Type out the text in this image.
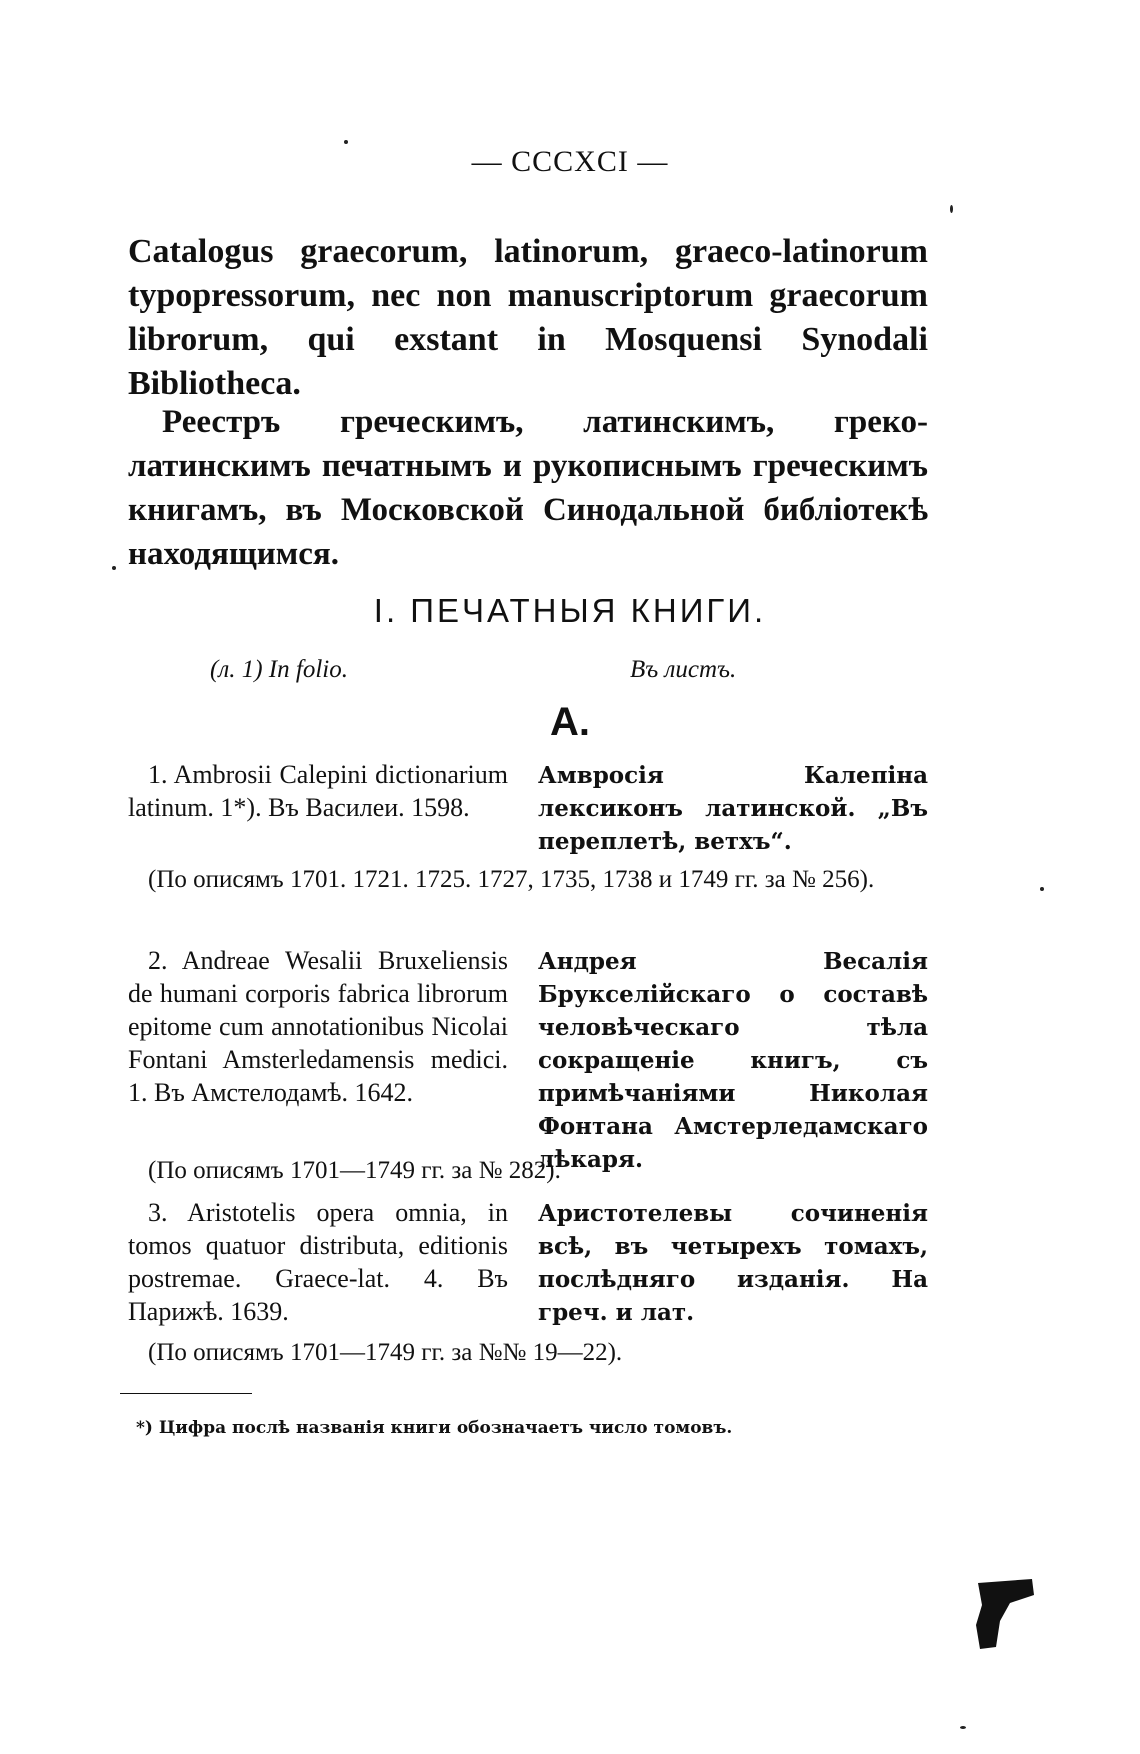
— CCCXCI —
Catalogus graecorum, latinorum, graeco-latinorum typopressorum, nec non manuscriptorum graecorum librorum, qui exstant in Mosquensi Synodali Bibliotheca.
Реестръ греческимъ, латинскимъ, греко-латинскимъ печатнымъ и рукописнымъ греческимъ книгамъ, въ Московской Синодальной библіотекѣ находящимся.
I. ПЕЧАТНЫЯ КНИГИ.
(л. 1) In folio.	Въ листъ.
A.
1. Ambrosii Calepini dictionarium latinum. 1*). Въ Василеи. 1598.
Амвросія Калепіна лексиконъ латинской. „Въ переплетѣ, ветхъ“.
(По описямъ 1701. 1721. 1725. 1727, 1735, 1738 и 1749 гг. за № 256).
2. Andreae Wesalii Bruxeliensis de humani corporis fabrica librorum epitome cum annotationibus Nicolai Fontani Amsterledamensis medici. 1. Въ Амстелодамѣ. 1642.
Андрея Весалія Брукселійскаго о составѣ человѣческаго тѣла сокращеніе книгъ, съ примѣчаніями Николая Фонтана Амстерледамскаго лѣкаря.
(По описямъ 1701—1749 гг. за № 282).
3. Aristotelis opera omnia, in tomos quatuor distributa, editionis postremae. Graece-lat. 4. Въ Парижѣ. 1639.
Аристотелевы сочиненія всѣ, въ четырехъ томахъ, послѣдняго изданія. На греч. и лат.
(По описямъ 1701—1749 гг. за №№ 19—22).
*) Цифра послѣ названія книги обозначаетъ число томовъ.
